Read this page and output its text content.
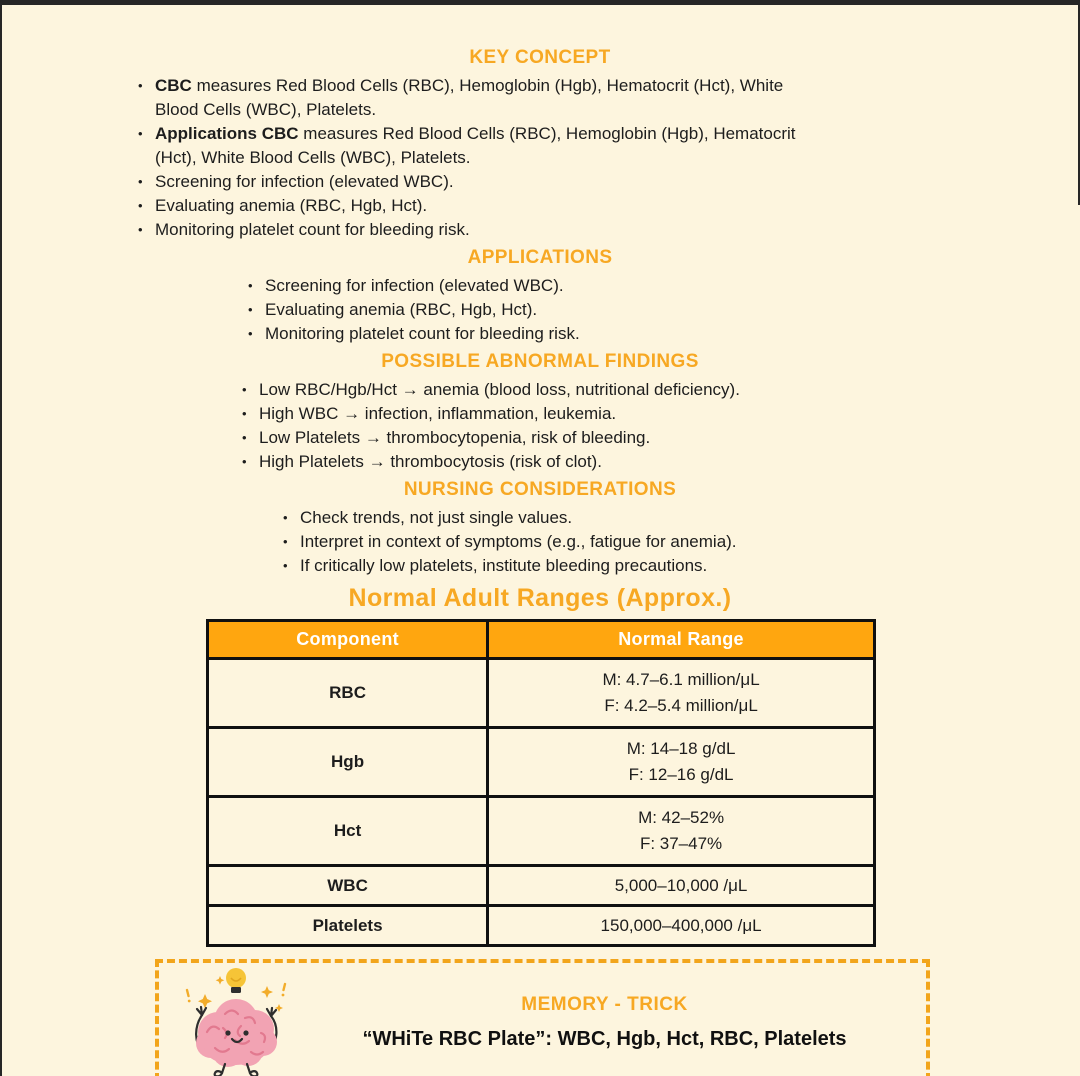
KEY CONCEPT
• CBC measures Red Blood Cells (RBC), Hemoglobin (Hgb), Hematocrit (Hct), White Blood Cells (WBC), Platelets.
• Applications CBC measures Red Blood Cells (RBC), Hemoglobin (Hgb), Hematocrit (Hct), White Blood Cells (WBC), Platelets.
• Screening for infection (elevated WBC).
• Evaluating anemia (RBC, Hgb, Hct).
• Monitoring platelet count for bleeding risk.
APPLICATIONS
• Screening for infection (elevated WBC).
• Evaluating anemia (RBC, Hgb, Hct).
• Monitoring platelet count for bleeding risk.
POSSIBLE ABNORMAL FINDINGS
• Low RBC/Hgb/Hct → anemia (blood loss, nutritional deficiency).
• High WBC → infection, inflammation, leukemia.
• Low Platelets → thrombocytopenia, risk of bleeding.
• High Platelets → thrombocytosis (risk of clot).
NURSING CONSIDERATIONS
• Check trends, not just single values.
• Interpret in context of symptoms (e.g., fatigue for anemia).
• If critically low platelets, institute bleeding precautions.
Normal Adult Ranges (Approx.)
Component	Normal Range
RBC	M: 4.7–6.1 million/μL
F: 4.2–5.4 million/μL

Hgb	M: 14–18 g/dL
F: 12–16 g/dL

Hct	M: 42–52%
F: 37–47%

WBC	5,000–10,000 /μL

Platelets	150,000–400,000 /μL
MEMORY - TRICK
“WHiTe RBC Plate”: WBC, Hgb, Hct, RBC, Platelets
